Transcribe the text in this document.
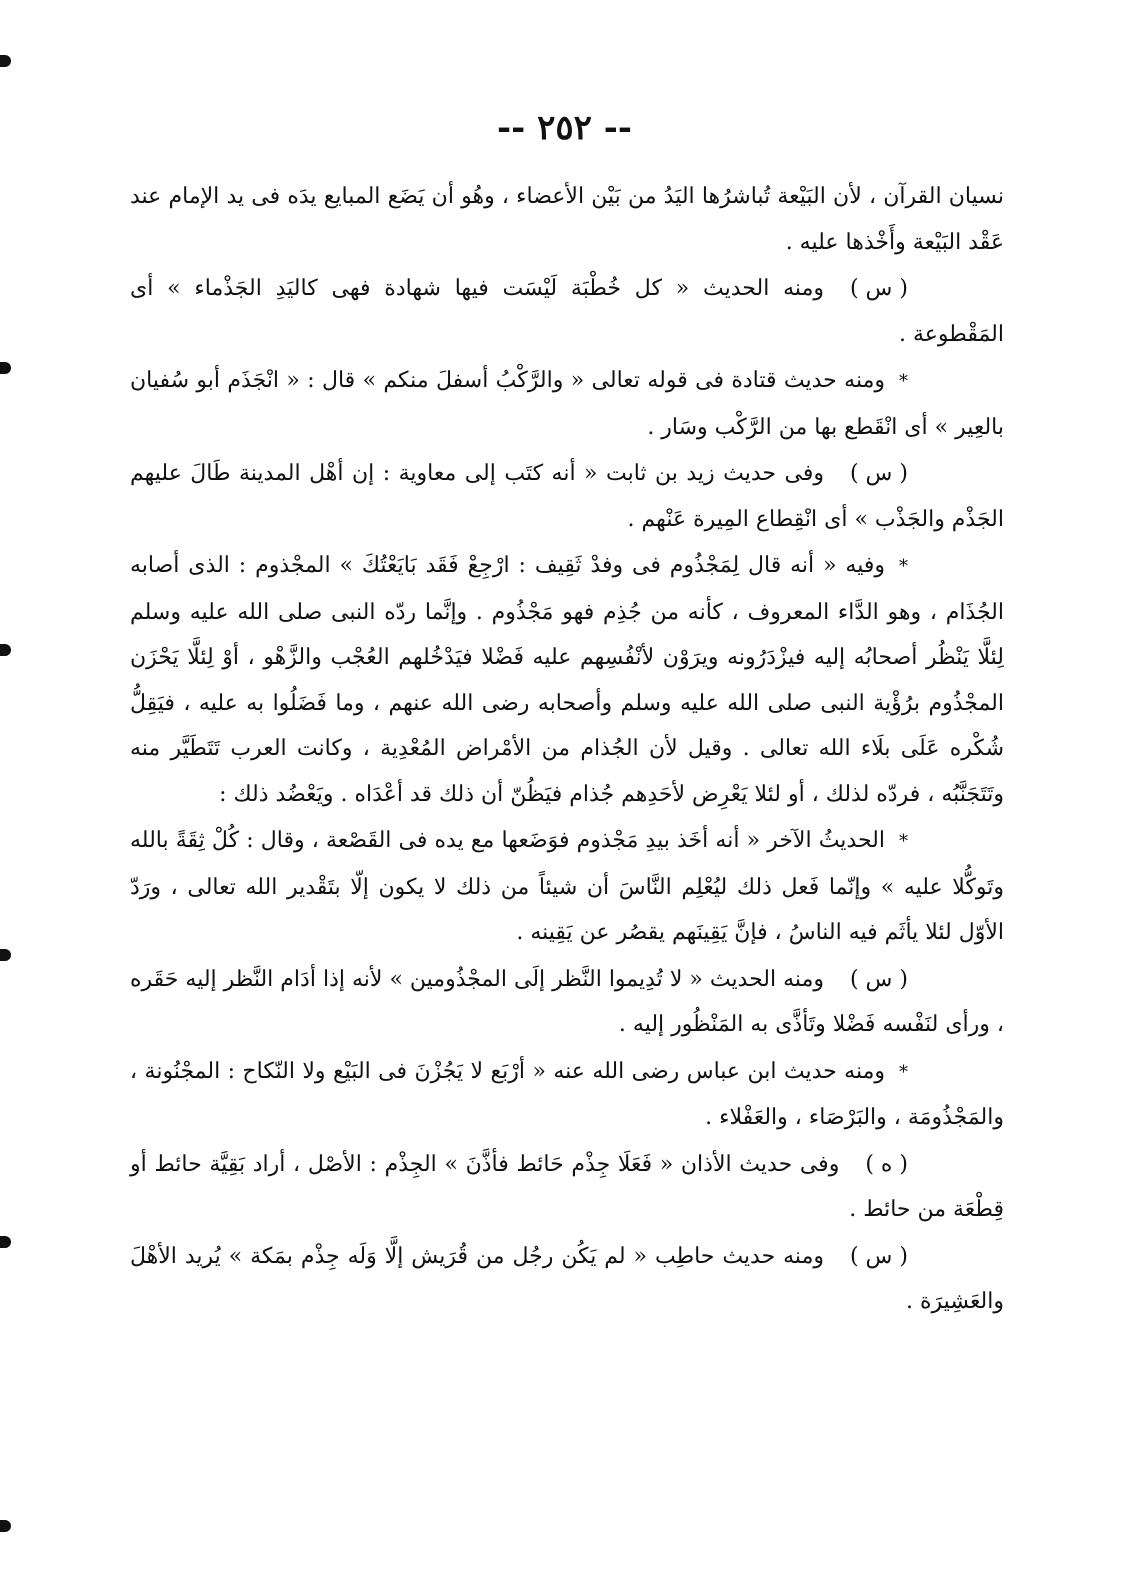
-- ٢٥٢ --

نسيان القرآن ، لأن البَيْعة تُباشرُها اليَدُ من بَيْن الأعضاء ، وهُو أن يَضَع المبايع يدَه فى يد الإمام عند عَقْد البَيْعة وأَخْذها عليه .

( س )ومنه الحديث « كل خُطْبَة لَيْسَت فيها شهادة فهى كاليَدِ الجَذْماء » أى المَقْطوعة .

*ومنه حديث قتادة فى قوله تعالى « والرَّكْبُ أسفلَ منكم » قال : « انْجَذَم أبو سُفيان بالعِير » أى انْقَطع بها من الرَّكْب وسَار .

( س )وفى حديث زيد بن ثابت « أنه كتَب إلى معاوية : إن أهْل المدينة طَالَ عليهم الجَذْم والجَذْب » أى انْقِطاع المِيرة عَنْهم .

*وفيه « أنه قال لِمَجْذُوم فى وفدْ ثَقِيف : ارْجِعْ فَقَد بَايَعْتُكَ » المجْذوم : الذى أصابه الجُذَام ، وهو الدَّاء المعروف ، كأنه من جُذِم فهو مَجْذُوم . وإنَّما ردّه النبى صلى الله عليه وسلم لِئلَّا يَنْظُر أصحابُه إليه فيزْدَرُونه ويرَوْن لأنْفُسِهم عليه فَضْلا فيَدْخُلهم العُجْب والزَّهْو ، أوْ لِئلَّا يَحْزَن المجْذُوم برُؤْية النبى صلى الله عليه وسلم وأصحابه رضى الله عنهم ، وما فَضَلُوا به عليه ، فيَقِلُّ شُكْره عَلَى بلَاء الله تعالى . وقيل لأن الجُذام من الأمْراض المُعْدِية ، وكانت العرب تَتَطَيَّر منه وتَتَجَنَّبُه ، فردّه لذلك ، أو لئلا يَعْرِض لأحَدِهم جُذام فيَظُنّ أن ذلك قد أعْدَاه . ويَعْضُد ذلك :

*الحديثُ الآخر « أنه أخَذ بيدِ مَجْذوم فوَضَعها مع يده فى القَصْعة ، وقال : كُلْ ثِقَةً بالله وتَوكُّلا عليه » وإنّما فَعل ذلك ليُعْلِم النَّاسَ أن شيئاً من ذلك لا يكون إلّا بتَقْدير الله تعالى ، ورَدّ الأوّل لئلا يأثَم فيه الناسُ ، فإنَّ يَقِينَهم يقصُر عن يَقِينه .

( س )ومنه الحديث « لا تُدِيموا النَّظر إلَى المجْذُومين » لأنه إذا أدَام النَّظر إليه حَقَره ، ورأى لنَفْسه فَضْلا وتَأذَّى به المَنْظُور إليه .

*ومنه حديث ابن عباس رضى الله عنه « أرْبَع لا يَجُزْنَ فى البَيْع ولا النّكاح : المجْنُونة ، والمَجْذُومَة ، والبَرْصَاء ، والعَفْلاء .

( ه )وفى حديث الأذان « فَعَلَا جِذْم حَائط فأذَّنَ » الجِذْم : الأصْل ، أراد بَقِيَّة حائط أو قِطْعَة من حائط .

( س )ومنه حديث حاطِب « لم يَكُن رجُل من قُرَيش إلَّا وَلَه جِذْم بمَكة » يُريد الأهْلَ والعَشِيرَة .
